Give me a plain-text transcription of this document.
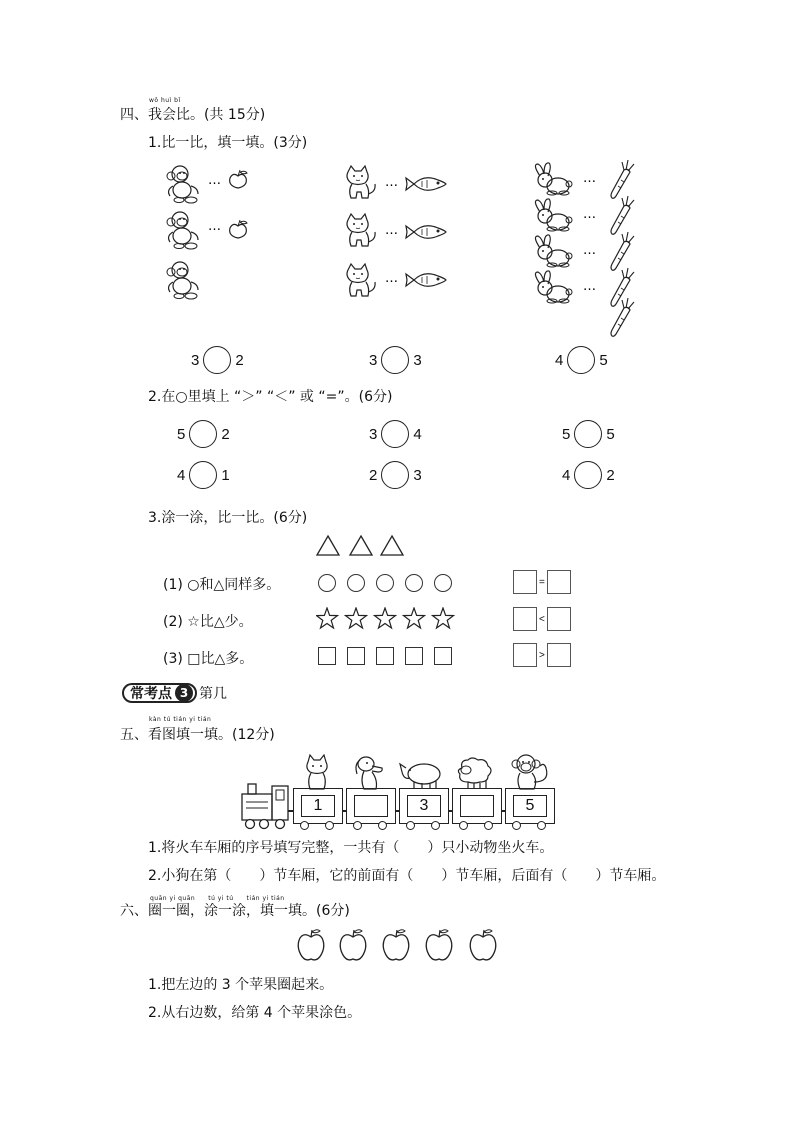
wǒ huì bǐ
四、我会比。(共 15分)
1.比一比，填一填。(3分)
…
…
…
…
…
…
…
…
…
3 2	3 3	4 5
2.在○里填上 “＞” “＜” 或 “=”。(6分)
5 2	3 4	5 5
4 1	2 3	4 2
3.涂一涂，比一比。(6分)
(1) ○和△同样多。	=
(2) ☆比△少。	<
(3) □比△多。	>
常考点 3 第几
kàn tú tián yi tián
五、看图填一填。(12分)
1	3	5
1.将火车车厢的序号填写完整，一共有（　　）只小动物坐火车。
2.小狗在第（　　）节车厢，它的前面有（　　）节车厢，后面有（　　）节车厢。
quān yi quān　　tú yi tú　　tián yi tián
六、圈一圈，涂一涂，填一填。(6分)
1.把左边的 3 个苹果圈起来。
2.从右边数，给第 4 个苹果涂色。
